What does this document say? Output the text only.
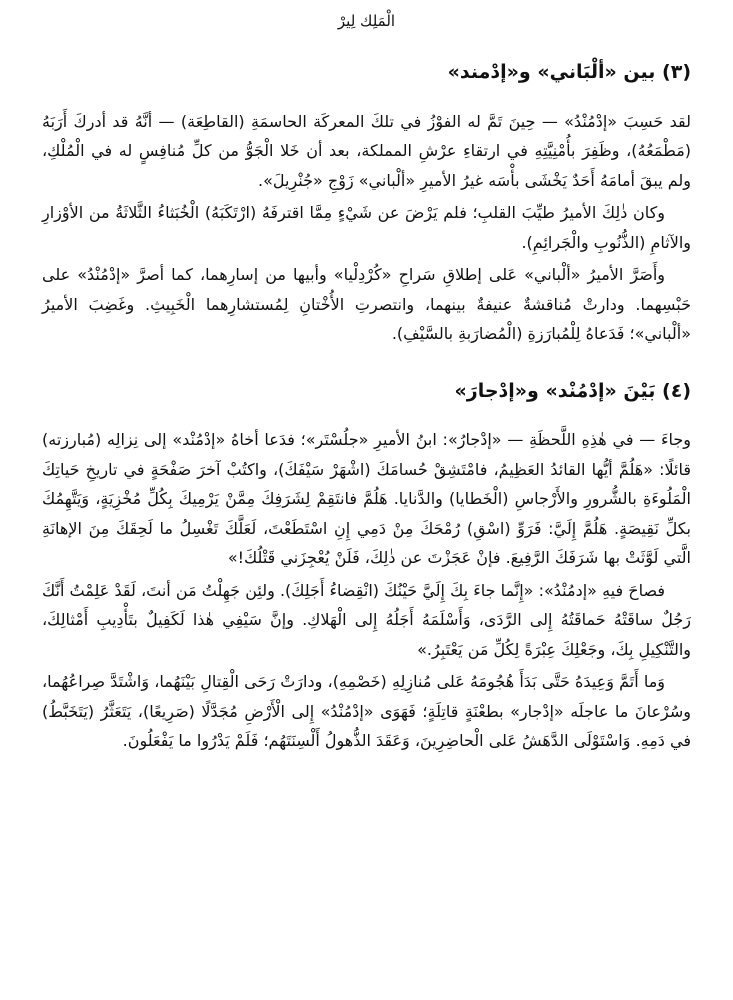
الْمَلِك لِيرْ
(٣) بين «ألْبَاني» و«إدْمند»

لقد حَسِبَ «إدْمُنْدُ» — حِينَ تَمَّ له الفوْزُ في تلكَ المعركَة الحاسمَةِ (القاطِعَة) — أنَّهُ قد أدركَ أَرَبَهُ (مَطْمَعُهُ)، وظَفِرَ بأُمْنِيَّتِهِ في ارتقاءِ عرْشِ المملكة، بعد أن خَلا الْجَوُّ من كلِّ مُنافِسٍ له في الْمُلْكِ، ولم يبقَ أمامَهُ أَحَدٌ يَخْشَى بأْسَه غيرُ الأميرِ «ألْباني» زَوْجِ «جُنْرِيلَ».

وكان ذٰلِكَ الأميرُ طيِّبَ القلبِ؛ فلم يَرْضَ عن شَيْءٍ مِمَّا اقترفَهُ (ارْتَكَبَهُ) الْخُبَثاءُ الثَّلاثَةُ من الأوْزارِ والآثامِ (الذُّنُوبِ والْجَرائِمِ).

وأَصَرَّ الأميرُ «ألْباني» عَلى إطلاقِ سَراحِ «كُرْدِلْيا» وأبيها من إسارِهما، كما أصرَّ «إدْمُنْدُ» على حَبْسِهما. ودارتْ مُناقشةٌ عنيفةٌ بينهما، وانتصرتِ الأُخْتانِ لِمُستشارِهما الْخَبِيثِ. وغَضِبَ الأميرُ «ألْباني»؛ فَدَعاهُ لِلْمُبارَزةِ (الْمُضارَبةِ بالسَّيْفِ).

(٤) بَيْنَ «إدْمُنْد» و«إدْجارَ»

وجاءَ — في هٰذِهِ اللَّحظَةِ — «إدْجارُ»: ابنُ الأميرِ «جلُسْتَر»؛ فدَعا أخاهُ «إدْمُنْد» إلى نِزالِه (مُبارزته) قائلًا: «هَلُمَّ أيُّها القائدُ العَظِيمُ، فامْتَشِقْ حُسامَكَ (اشْهَرْ سَيْفَكَ)، واكتُبْ آخرَ صَفْحَةٍ في تاريخِ حَياتِكَ الْمَلُوءَةِ بالشُّرورِ والأَرْجاسِ (الْخَطايا) والدَّنايا. هَلُمَّ فانتَقِمْ لِشَرَفِكَ مِمَّنْ يَرْمِيكَ بِكُلِّ مُخْزِيَةٍ، وَيَتَّهِمُكَ بكلِّ نَقِيصَةٍ. هَلُمَّ إِلَيَّ: فَرَوِّ (اسْقِ) رُمْحَكَ مِنْ دَمِي إِنِ اسْتَطَعْتَ، لَعَلَّكَ تَغْسِلُ ما لَحِقَكَ مِنَ الإهانَةِ الَّتي لَوَّثَتْ بها شَرَفَكَ الرَّفِيعَ. فإنْ عَجَزْتَ عن ذٰلِكَ، فَلَنْ يُعْجِزَني قَتْلُكَ!»

فصاحَ فيهِ «إدمُنْدُ»: «إِنَّما جاءَ بِكَ إِلَيَّ حَيْنُكَ (انْقِضاءُ أَجَلِكَ). ولئِن جَهِلْتُ مَن أنتَ، لَقَدْ عَلِمْتُ أَنَّكَ رَجُلٌ ساقَتْهُ حَماقَتُهُ إِلى الرَّدَى، وَأَسْلَمَهُ أَجَلُهُ إِلى الْهَلاكِ. وإنَّ سَيْفِي هٰذا لَكَفِيلٌ بتَأْدِيبِ أَمْثالِكَ، والتَّنْكِيلِ بِكَ، وجَعْلِكَ عِبْرَةً لِكُلِّ مَن يَعْتَبِرُ.»

وَما أَتَمَّ وَعِيدَهُ حَتَّى بَدَأَ هُجُومَهُ عَلى مُنازِلِهِ (خَصْمِهِ)، ودارَتْ رَحَى الْقِتالِ بَيْنَهُما، وَاشْتَدَّ صِراعُهُما، وسُرْعانَ ما عاجلَه «إدْجار» بطعْنَةٍ قاتِلَةٍ؛ فَهَوَى «إدْمُنْدُ» إِلى الْأَرْضِ مُجَدَّلًا (صَرِيعًا)، يَتَعَثَّرُ (يَتَخَبَّطُ) في دَمِهِ. وَاسْتَوْلَى الدَّهَشُ عَلى الْحاضِرِينَ، وَعَقَدَ الذُّهولُ أَلْسِنَتَهُم؛ فَلَمْ يَدْرُوا ما يَفْعَلُونَ.
